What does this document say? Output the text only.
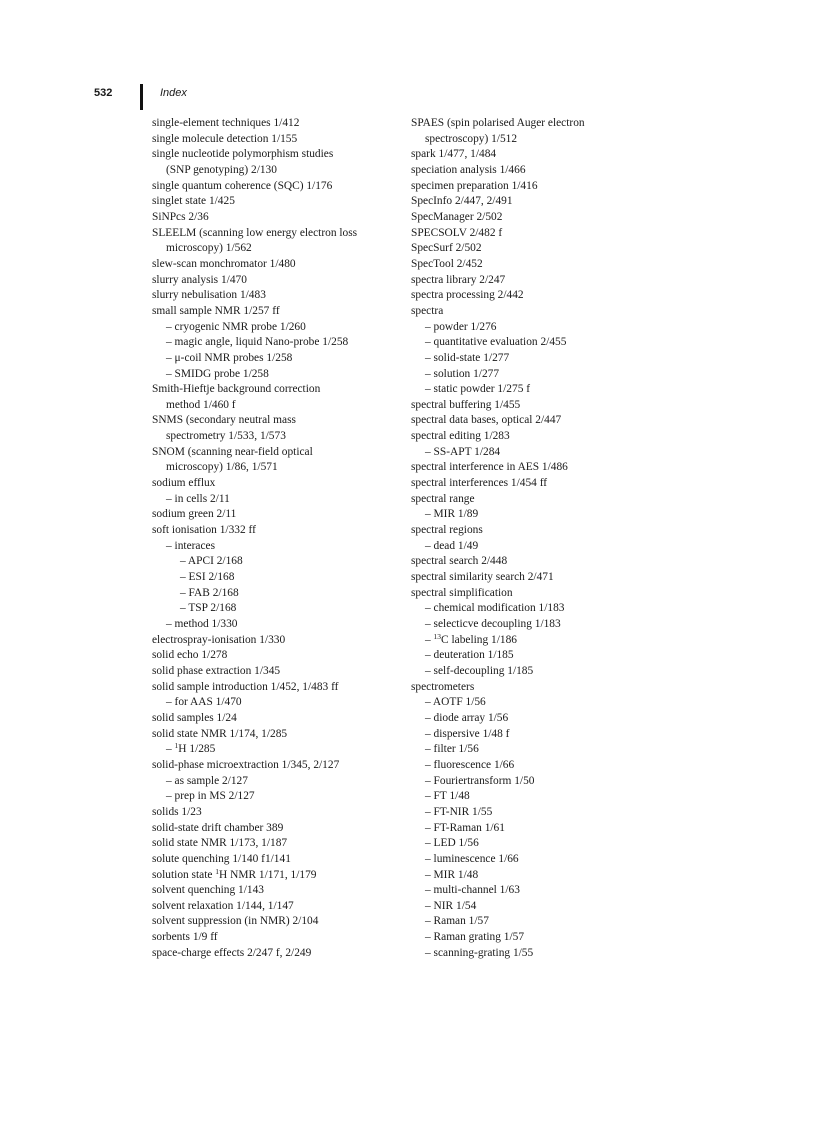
532	Index
single-element techniques 1/412
single molecule detection 1/155
single nucleotide polymorphism studies
(SNP genotyping) 2/130
single quantum coherence (SQC) 1/176
singlet state 1/425
SiNPcs 2/36
SLEELM (scanning low energy electron loss
microscopy) 1/562
slew-scan monchromator 1/480
slurry analysis 1/470
slurry nebulisation 1/483
small sample NMR 1/257 ff
– cryogenic NMR probe 1/260
– magic angle, liquid Nano-probe 1/258
– μ-coil NMR probes 1/258
– SMIDG probe 1/258
Smith-Hieftje background correction
method 1/460 f
SNMS (secondary neutral mass
spectrometry 1/533, 1/573
SNOM (scanning near-field optical
microscopy) 1/86, 1/571
sodium efflux
– in cells 2/11
sodium green 2/11
soft ionisation 1/332 ff
– interaces
– APCI 2/168
– ESI 2/168
– FAB 2/168
– TSP 2/168
– method 1/330
electrospray-ionisation 1/330
solid echo 1/278
solid phase extraction 1/345
solid sample introduction 1/452, 1/483 ff
– for AAS 1/470
solid samples 1/24
solid state NMR 1/174, 1/285
– $^1$H 1/285
solid-phase microextraction 1/345, 2/127
– as sample 2/127
– prep in MS 2/127
solids 1/23
solid-state drift chamber 389
solid state NMR 1/173, 1/187
solute quenching 1/140 f1/141
solution state $^1$H NMR 1/171, 1/179
solvent quenching 1/143
solvent relaxation 1/144, 1/147
solvent suppression (in NMR) 2/104
sorbents 1/9 ff
space-charge effects 2/247 f, 2/249
SPAES (spin polarised Auger electron
spectroscopy) 1/512
spark 1/477, 1/484
speciation analysis 1/466
specimen preparation 1/416
SpecInfo 2/447, 2/491
SpecManager 2/502
SPECSOLV 2/482 f
SpecSurf 2/502
SpecTool 2/452
spectra library 2/247
spectra processing 2/442
spectra
– powder 1/276
– quantitative evaluation 2/455
– solid-state 1/277
– solution 1/277
– static powder 1/275 f
spectral buffering 1/455
spectral data bases, optical 2/447
spectral editing 1/283
– SS-APT 1/284
spectral interference in AES 1/486
spectral interferences 1/454 ff
spectral range
– MIR 1/89
spectral regions
– dead 1/49
spectral search 2/448
spectral similarity search 2/471
spectral simplification
– chemical modification 1/183
– selecticve decoupling 1/183
– $^{13}$C labeling 1/186
– deuteration 1/185
– self-decoupling 1/185
spectrometers
– AOTF 1/56
– diode array 1/56
– dispersive 1/48 f
– filter 1/56
– fluorescence 1/66
– Fouriertransform 1/50
– FT 1/48
– FT-NIR 1/55
– FT-Raman 1/61
– LED 1/56
– luminescence 1/66
– MIR 1/48
– multi-channel 1/63
– NIR 1/54
– Raman 1/57
– Raman grating 1/57
– scanning-grating 1/55
